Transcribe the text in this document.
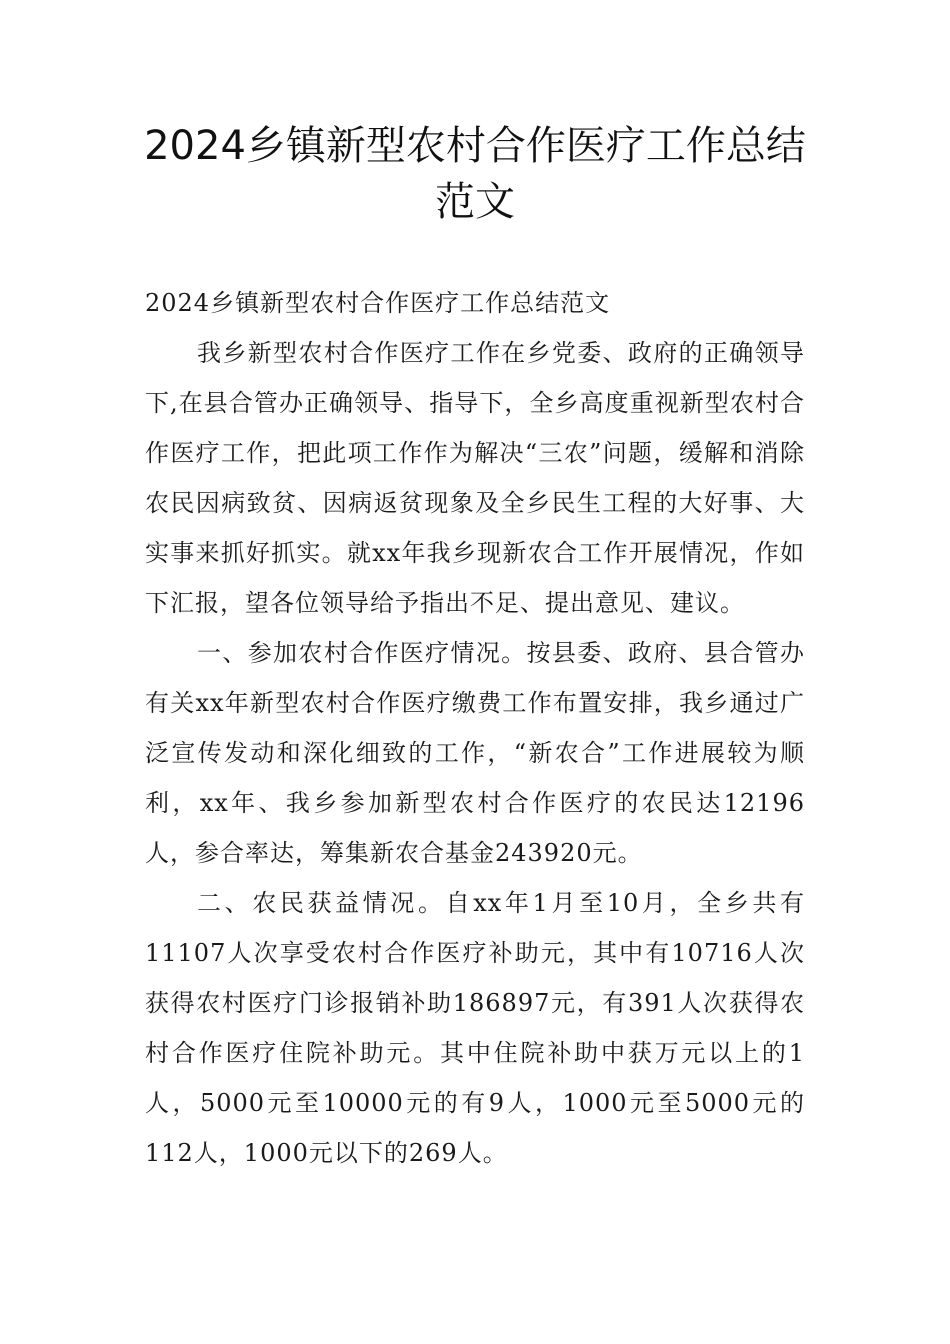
2024乡镇新型农村合作医疗工作总结范文

2024乡镇新型农村合作医疗工作总结范文

我乡新型农村合作医疗工作在乡党委、政府的正确领导下,在县合管办正确领导、指导下，全乡高度重视新型农村合作医疗工作，把此项工作作为解决“三农”问题，缓解和消除农民因病致贫、因病返贫现象及全乡民生工程的大好事、大实事来抓好抓实。就xx年我乡现新农合工作开展情况，作如下汇报，望各位领导给予指出不足、提出意见、建议。

一、参加农村合作医疗情况。按县委、政府、县合管办有关xx年新型农村合作医疗缴费工作布置安排，我乡通过广泛宣传发动和深化细致的工作，“新农合”工作进展较为顺利，xx年、我乡参加新型农村合作医疗的农民达12196人，参合率达，筹集新农合基金243920元。

二、农民获益情况。自xx年1月至10月，全乡共有11107人次享受农村合作医疗补助元，其中有10716人次获得农村医疗门诊报销补助186897元，有391人次获得农村合作医疗住院补助元。其中住院补助中获万元以上的1人，5000元至10000元的有9人，1000元至5000元的112人，1000元以下的269人。
